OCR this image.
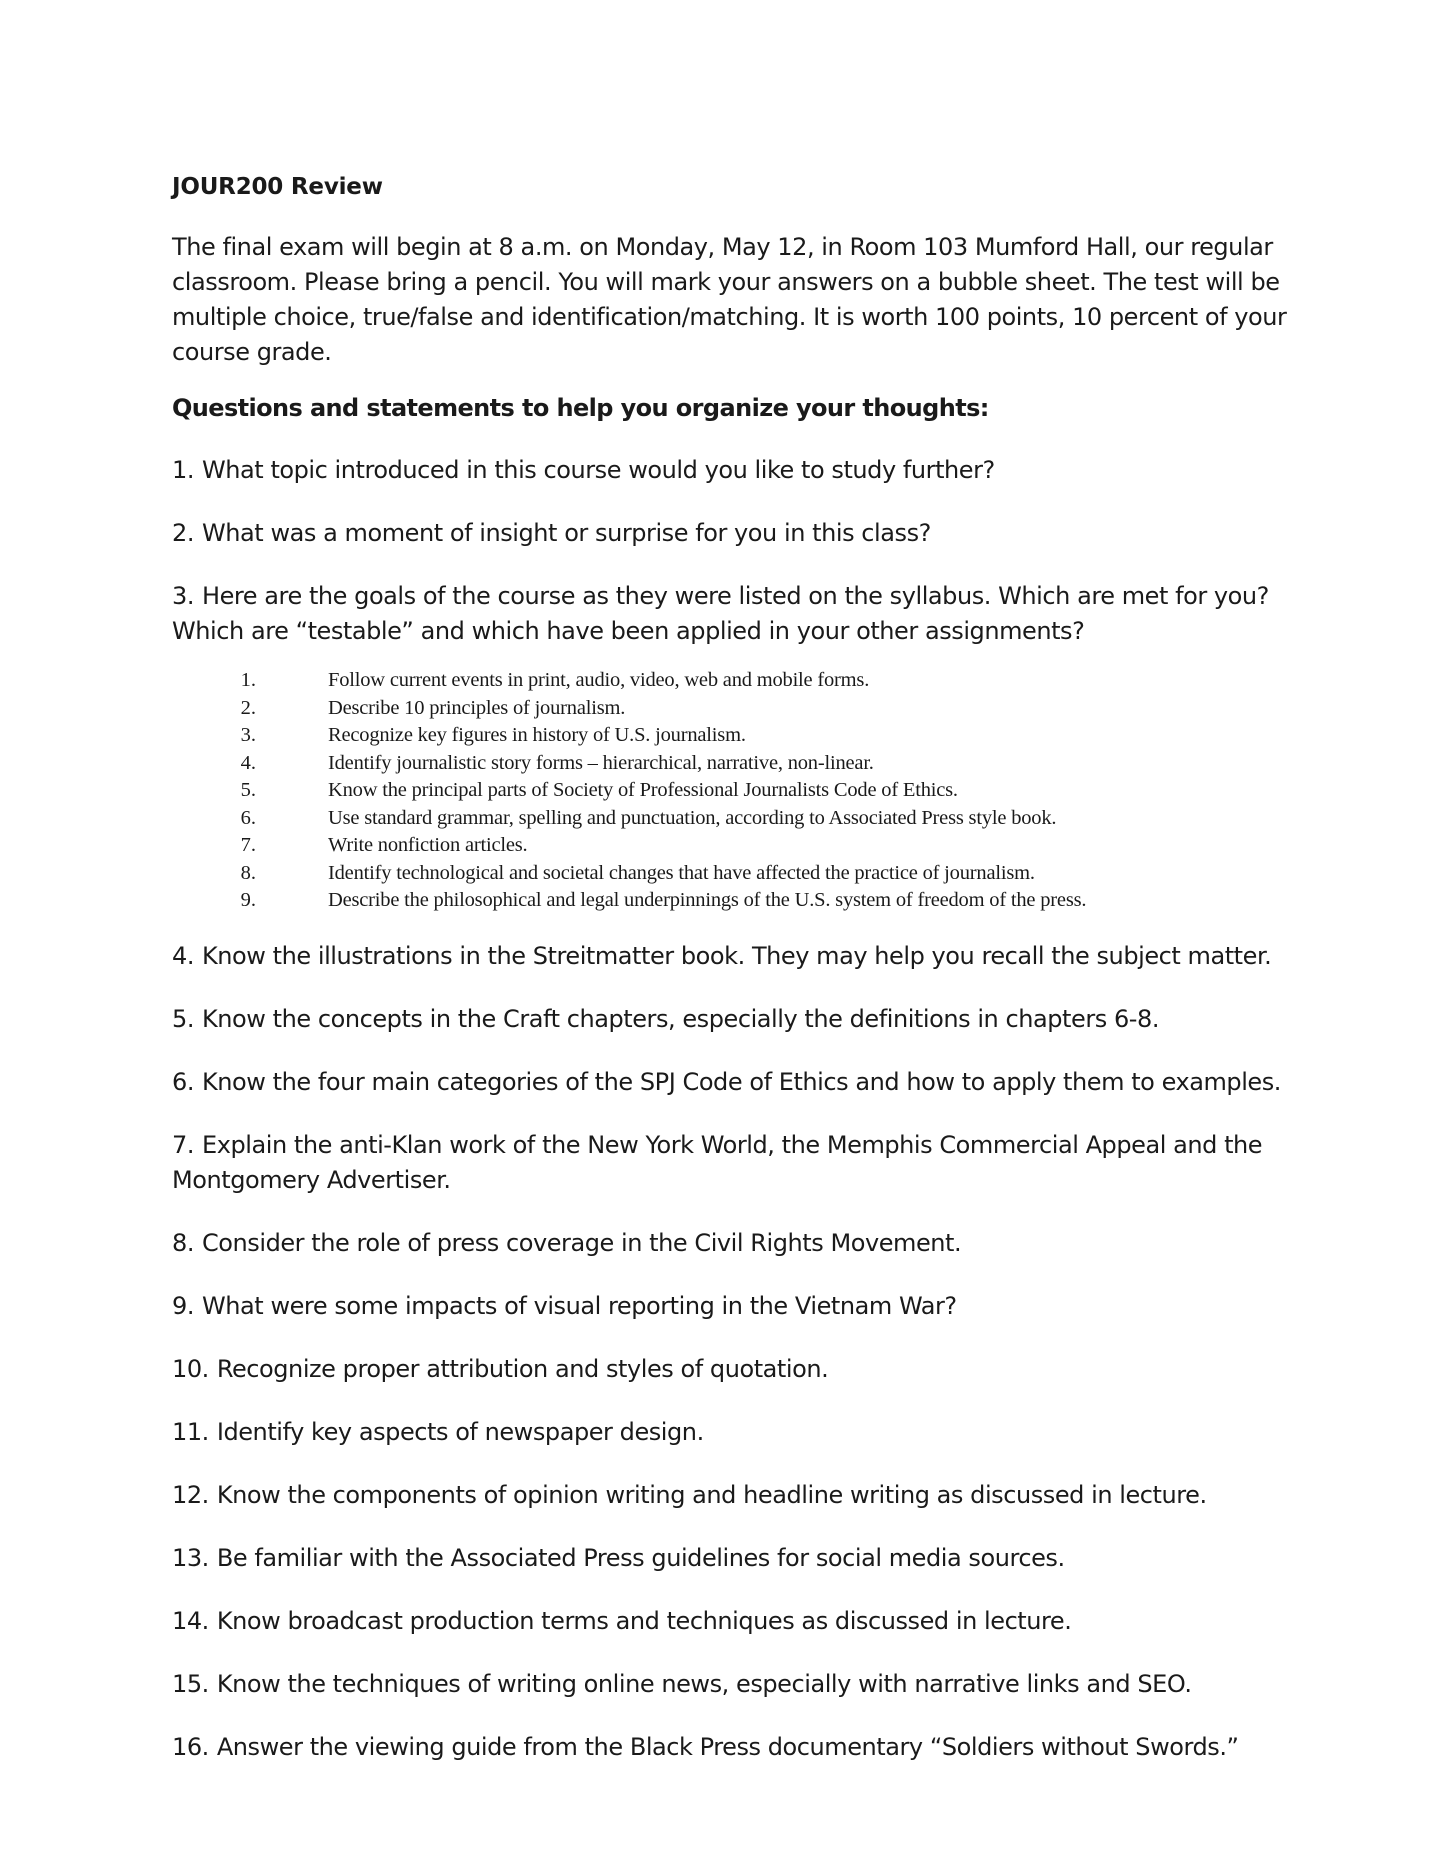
JOUR200 Review
The final exam will begin at 8 a.m. on Monday, May 12, in Room 103 Mumford Hall, our regular classroom. Please bring a pencil. You will mark your answers on a bubble sheet. The test will be multiple choice, true/false and identification/matching. It is worth 100 points, 10 percent of your course grade.
Questions and statements to help you organize your thoughts:
1. What topic introduced in this course would you like to study further?
2. What was a moment of insight or surprise for you in this class?
3. Here are the goals of the course as they were listed on the syllabus. Which are met for you? Which are “testable” and which have been applied in your other assignments?
1.	Follow current events in print, audio, video, web and mobile forms.
2.	Describe 10 principles of journalism.
3.	Recognize key figures in history of U.S. journalism.
4.	Identify journalistic story forms – hierarchical, narrative, non-linear.
5.	Know the principal parts of Society of Professional Journalists Code of Ethics.
6.	Use standard grammar, spelling and punctuation, according to Associated Press style book.
7.	Write nonfiction articles.
8.	Identify technological and societal changes that have affected the practice of journalism.
9.	Describe the philosophical and legal underpinnings of the U.S. system of freedom of the press.
4. Know the illustrations in the Streitmatter book. They may help you recall the subject matter.
5. Know the concepts in the Craft chapters, especially the definitions in chapters 6-8.
6. Know the four main categories of the SPJ Code of Ethics and how to apply them to examples.
7. Explain the anti-Klan work of the New York World, the Memphis Commercial Appeal and the Montgomery Advertiser.
8. Consider the role of press coverage in the Civil Rights Movement.
9. What were some impacts of visual reporting in the Vietnam War?
10. Recognize proper attribution and styles of quotation.
11. Identify key aspects of newspaper design.
12. Know the components of opinion writing and headline writing as discussed in lecture.
13. Be familiar with the Associated Press guidelines for social media sources.
14. Know broadcast production terms and techniques as discussed in lecture.
15. Know the techniques of writing online news, especially with narrative links and SEO.
16. Answer the viewing guide from the Black Press documentary “Soldiers without Swords.”
